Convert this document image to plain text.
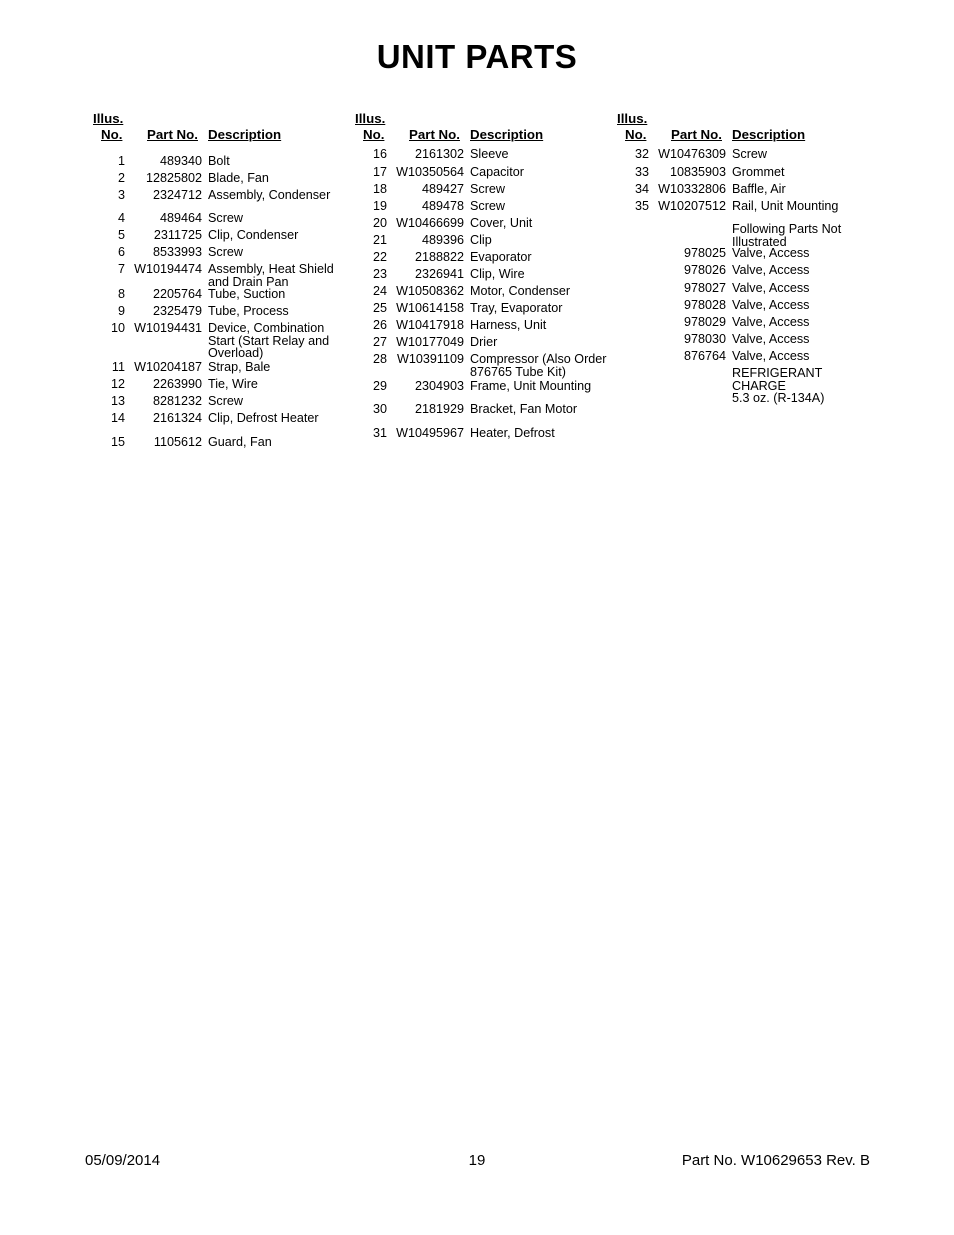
UNIT PARTS
Illus.
No. Part No. Description
1	489340 Bolt
2	12825802 Blade, Fan
3	2324712 Assembly, Condenser
4	489464 Screw
5	2311725 Clip, Condenser
6	8533993 Screw
7 W10194474 Assembly, Heat Shield
and Drain Pan
8	2205764 Tube, Suction
9	2325479 Tube, Process
10 W10194431 Device, Combination
Start (Start Relay and
Overload)
11 W10204187 Strap, Bale
12	2263990 Tie, Wire
13	8281232 Screw
14	2161324 Clip, Defrost Heater
15	1105612 Guard, Fan
Illus.
No. Part No. Description
16	2161302 Sleeve
17 W10350564 Capacitor
18	489427 Screw
19	489478 Screw
20 W10466699 Cover, Unit
21	489396 Clip
22	2188822 Evaporator
23	2326941 Clip, Wire
24 W10508362 Motor, Condenser
25 W10614158 Tray, Evaporator
26 W10417918 Harness, Unit
27 W10177049 Drier
28 W10391109 Compressor (Also Order
876765 Tube Kit)
29	2304903 Frame, Unit Mounting
30	2181929 Bracket, Fan Motor
31 W10495967 Heater, Defrost
Illus.
No. Part No. Description
32 W10476309 Screw
33	10835903 Grommet
34 W10332806 Baffle, Air
35 W10207512 Rail, Unit Mounting
Following Parts Not
Illustrated
978025 Valve, Access
978026 Valve, Access
978027 Valve, Access
978028 Valve, Access
978029 Valve, Access
978030 Valve, Access
876764 Valve, Access
REFRIGERANT
CHARGE
5.3 oz. (R-134A)
05/09/2014	19	Part No. W10629653 Rev. B
